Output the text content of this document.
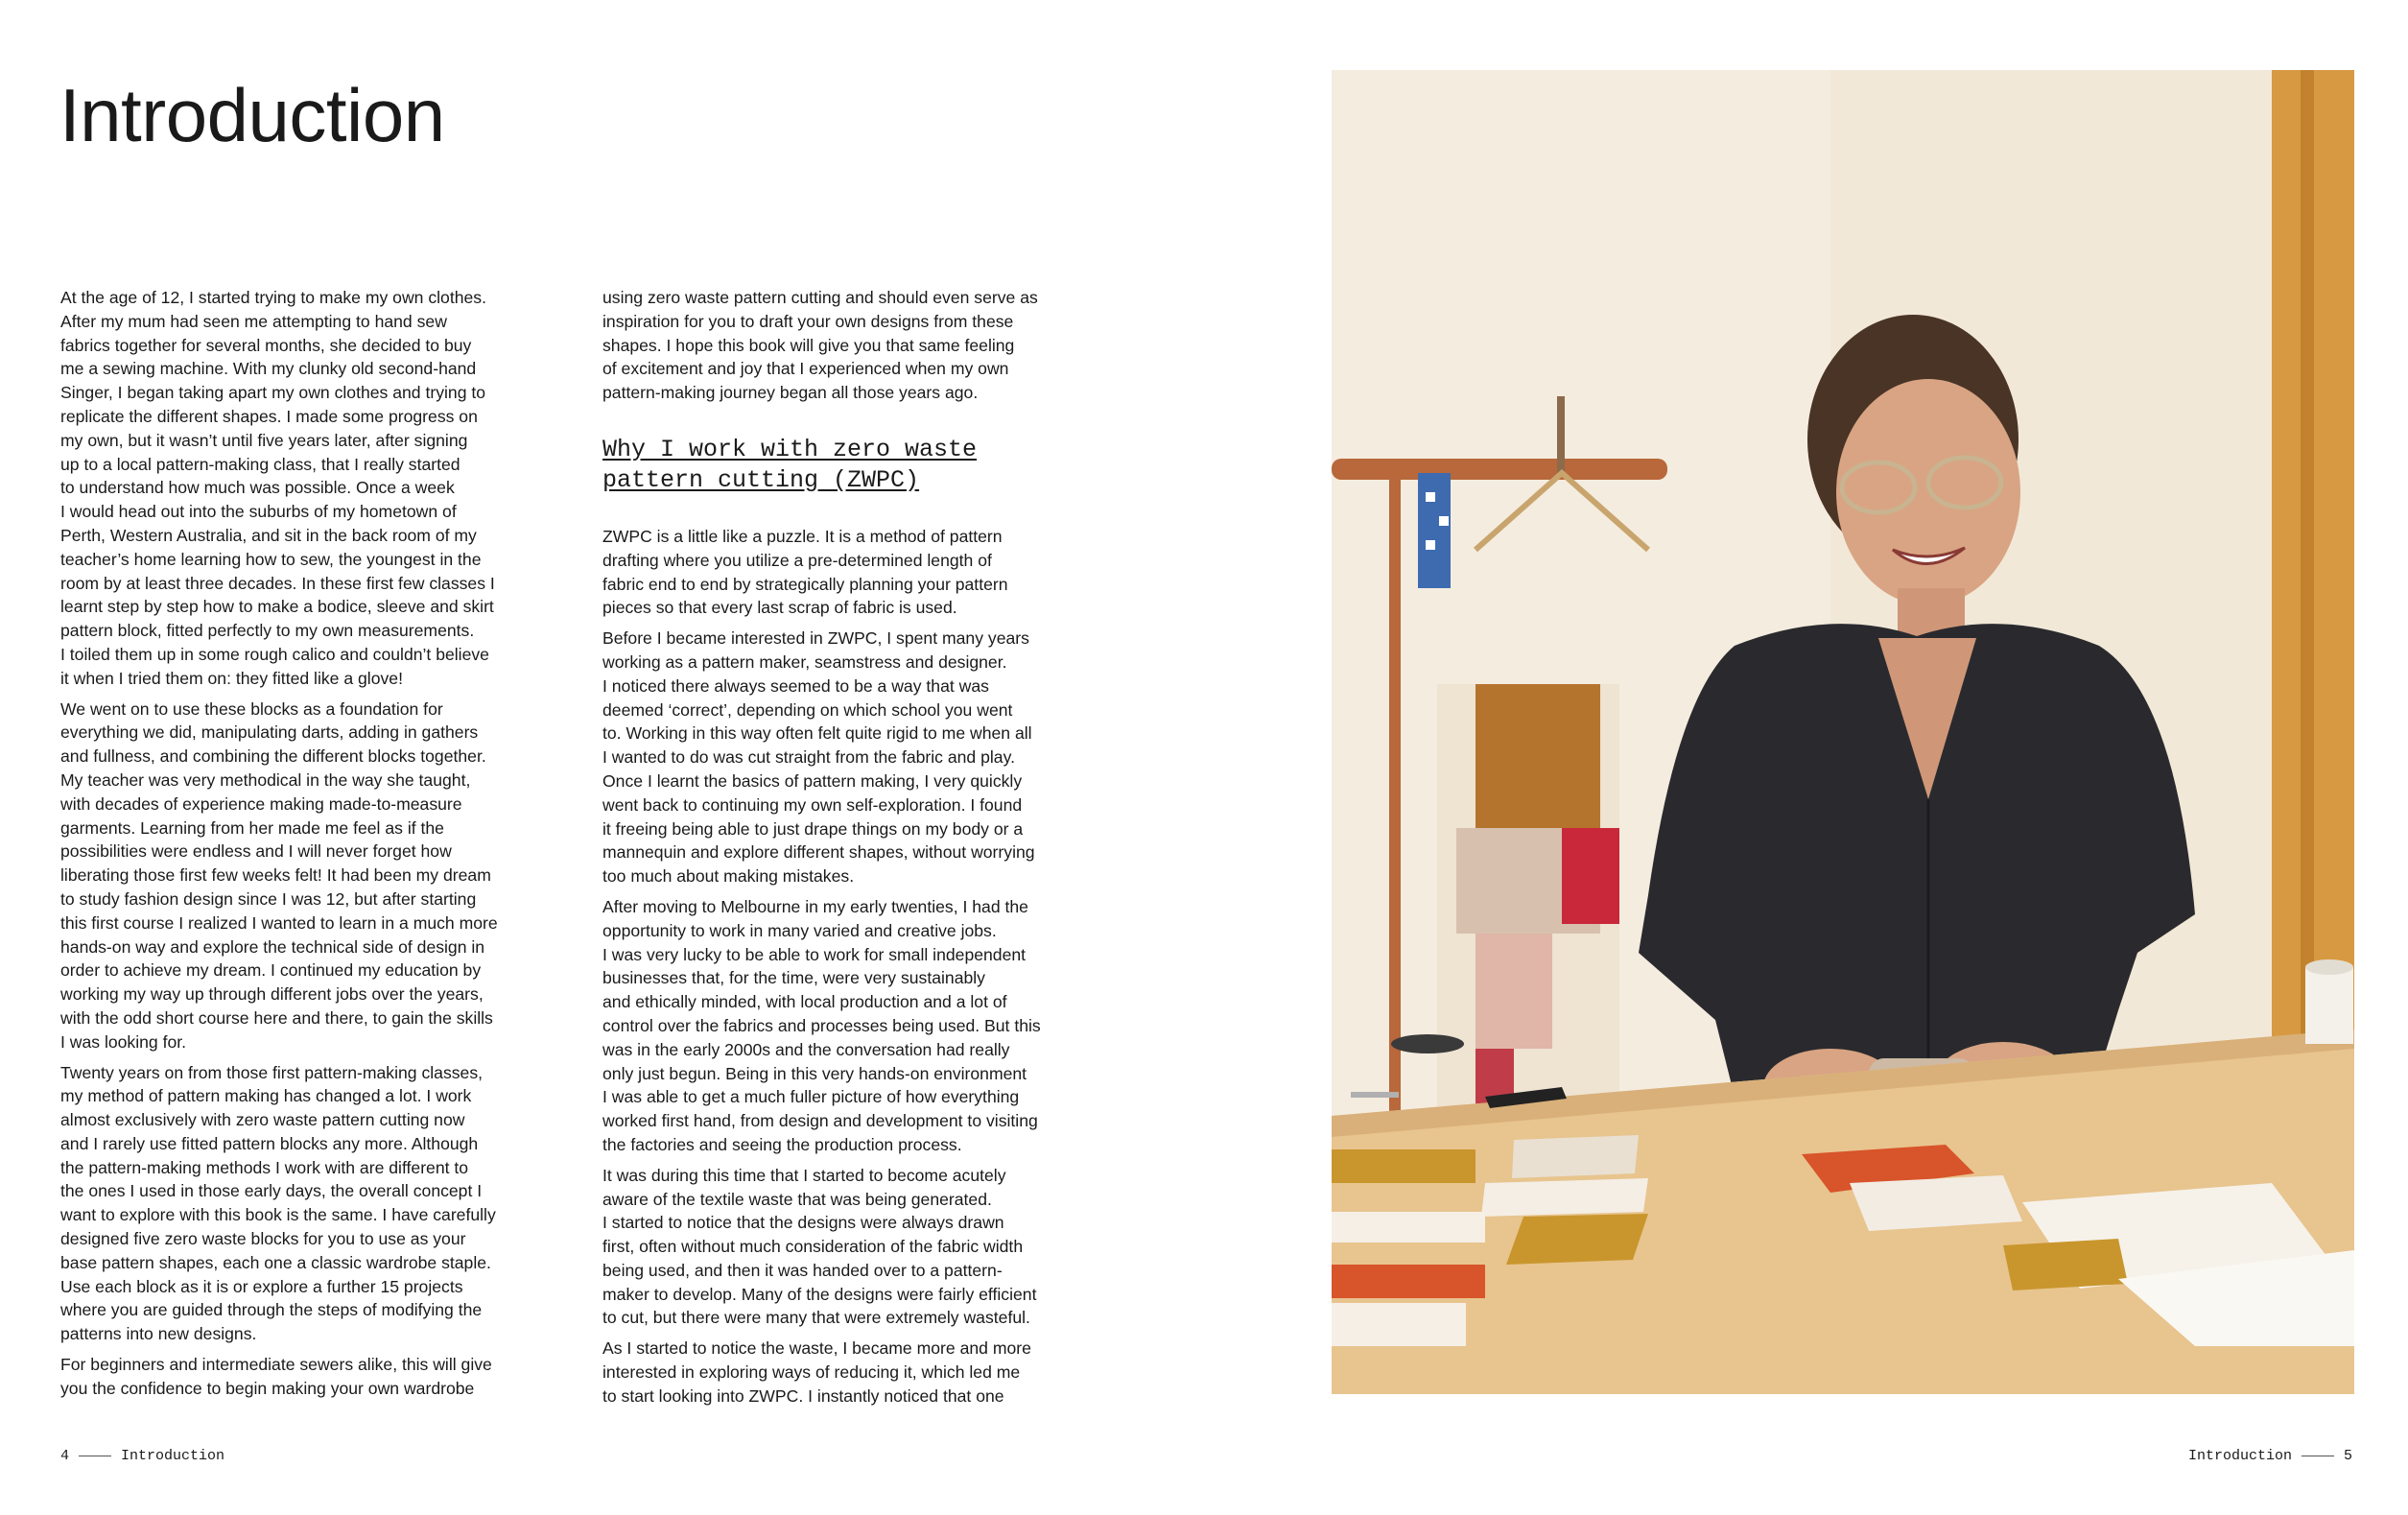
Introduction

At the age of 12, I started trying to make my own clothes.
After my mum had seen me attempting to hand sew
fabrics together for several months, she decided to buy
me a sewing machine. With my clunky old second-hand
Singer, I began taking apart my own clothes and trying to
replicate the different shapes. I made some progress on
my own, but it wasn’t until five years later, after signing
up to a local pattern-making class, that I really started
to understand how much was possible. Once a week
I would head out into the suburbs of my hometown of
Perth, Western Australia, and sit in the back room of my
teacher’s home learning how to sew, the youngest in the
room by at least three decades. In these first few classes I
learnt step by step how to make a bodice, sleeve and skirt
pattern block, fitted perfectly to my own measurements.
I toiled them up in some rough calico and couldn’t believe
it when I tried them on: they fitted like a glove!

We went on to use these blocks as a foundation for
everything we did, manipulating darts, adding in gathers
and fullness, and combining the different blocks together.
My teacher was very methodical in the way she taught,
with decades of experience making made-to-measure
garments. Learning from her made me feel as if the
possibilities were endless and I will never forget how
liberating those first few weeks felt! It had been my dream
to study fashion design since I was 12, but after starting
this first course I realized I wanted to learn in a much more
hands-on way and explore the technical side of design in
order to achieve my dream. I continued my education by
working my way up through different jobs over the years,
with the odd short course here and there, to gain the skills
I was looking for.

Twenty years on from those first pattern-making classes,
my method of pattern making has changed a lot. I work
almost exclusively with zero waste pattern cutting now
and I rarely use fitted pattern blocks any more. Although
the pattern-making methods I work with are different to
the ones I used in those early days, the overall concept I
want to explore with this book is the same. I have carefully
designed five zero waste blocks for you to use as your
base pattern shapes, each one a classic wardrobe staple.
Use each block as it is or explore a further 15 projects
where you are guided through the steps of modifying the
patterns into new designs.

For beginners and intermediate sewers alike, this will give
you the confidence to begin making your own wardrobe

using zero waste pattern cutting and should even serve as
inspiration for you to draft your own designs from these
shapes. I hope this book will give you that same feeling
of excitement and joy that I experienced when my own
pattern-making journey began all those years ago.

Why I work with zero waste
pattern cutting (ZWPC)

ZWPC is a little like a puzzle. It is a method of pattern
drafting where you utilize a pre-determined length of
fabric end to end by strategically planning your pattern
pieces so that every last scrap of fabric is used.

Before I became interested in ZWPC, I spent many years
working as a pattern maker, seamstress and designer.
I noticed there always seemed to be a way that was
deemed ‘correct’, depending on which school you went
to. Working in this way often felt quite rigid to me when all
I wanted to do was cut straight from the fabric and play.
Once I learnt the basics of pattern making, I very quickly
went back to continuing my own self-exploration. I found
it freeing being able to just drape things on my body or a
mannequin and explore different shapes, without worrying
too much about making mistakes.

After moving to Melbourne in my early twenties, I had the
opportunity to work in many varied and creative jobs.
I was very lucky to be able to work for small independent
businesses that, for the time, were very sustainably
and ethically minded, with local production and a lot of
control over the fabrics and processes being used. But this
was in the early 2000s and the conversation had really
only just begun. Being in this very hands-on environment
I was able to get a much fuller picture of how everything
worked first hand, from design and development to visiting
the factories and seeing the production process.

It was during this time that I started to become acutely
aware of the textile waste that was being generated.
I started to notice that the designs were always drawn
first, often without much consideration of the fabric width
being used, and then it was handed over to a pattern-
maker to develop. Many of the designs were fairly efficient
to cut, but there were many that were extremely wasteful.

As I started to notice the waste, I became more and more
interested in exploring ways of reducing it, which led me
to start looking into ZWPC. I instantly noticed that one

4	Introduction	Introduction	5
